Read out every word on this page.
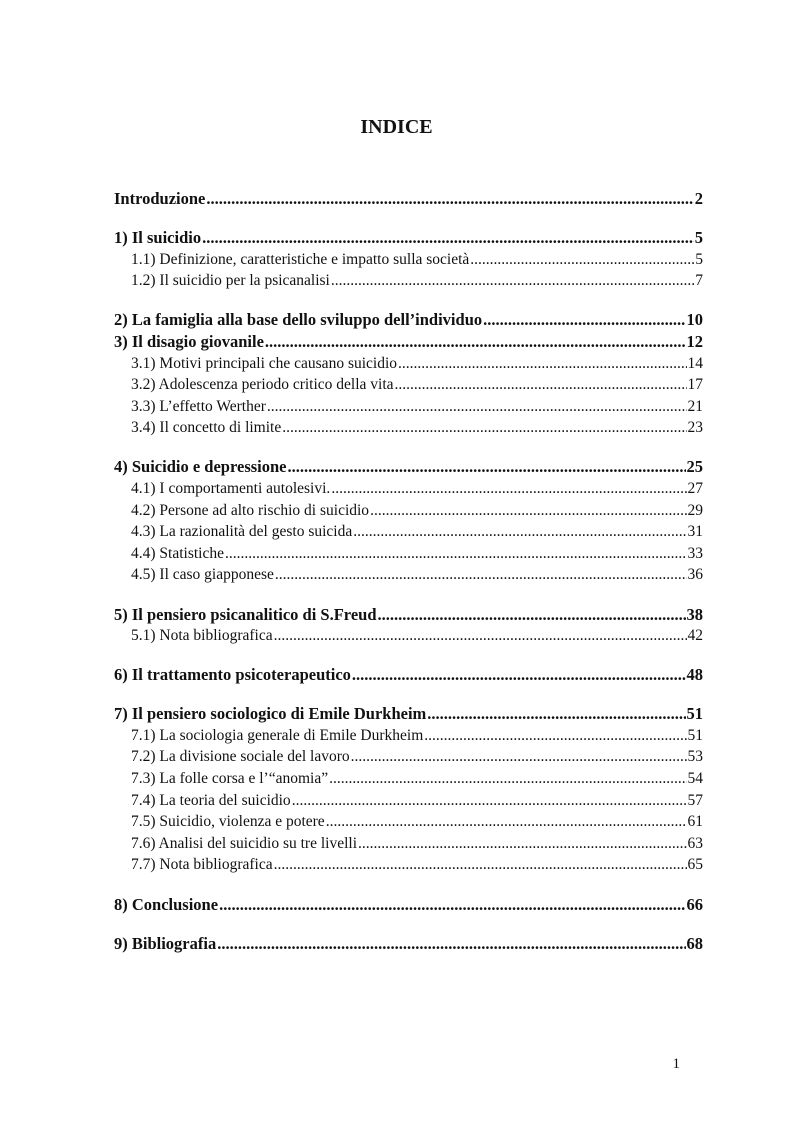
INDICE
Introduzione .....	2
1) Il suicidio .....	5
1.1) Definizione, caratteristiche e impatto sulla società .....	5
1.2) Il suicidio per la psicanalisi .....	7
2) La famiglia alla base dello sviluppo dell’individuo .....	10
3) Il disagio giovanile .....	12
3.1) Motivi principali che causano suicidio .....	14
3.2) Adolescenza periodo critico della vita .....	17
3.3) L’effetto Werther .....	21
3.4) Il concetto di limite .....	23
4) Suicidio e depressione .....	25
4.1) I comportamenti autolesivi. .....	27
4.2) Persone ad alto rischio di suicidio .....	29
4.3) La razionalità del gesto suicida .....	31
4.4) Statistiche .....	33
4.5) Il caso giapponese .....	36
5) Il pensiero psicanalitico di S.Freud .....	38
5.1) Nota bibliografica .....	42
6) Il trattamento psicoterapeutico .....	48
7) Il pensiero sociologico di Emile Durkheim .....	51
7.1) La sociologia generale di Emile Durkheim .....	51
7.2) La divisione sociale del lavoro .....	53
7.3) La folle corsa e l’“anomia” .....	54
7.4) La teoria del suicidio .....	57
7.5) Suicidio, violenza e potere .....	61
7.6) Analisi del suicidio su tre livelli .....	63
7.7) Nota bibliografica .....	65
8) Conclusione .....	66
9) Bibliografia .....	68
1
